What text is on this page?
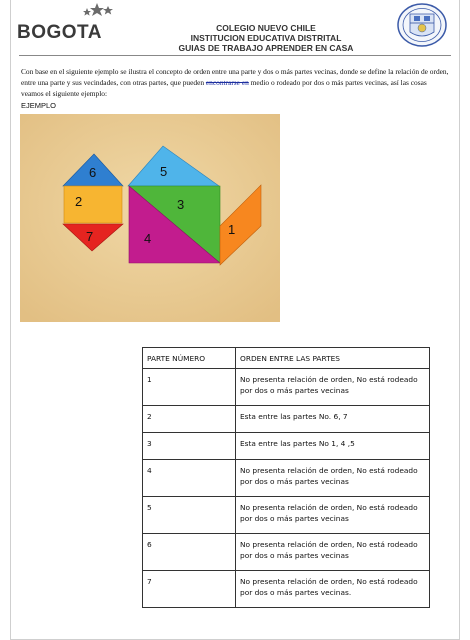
BOGOTA	COLEGIO NUEVO CHILE
INSTITUCION EDUCATIVA DISTRITAL
GUIAS DE TRABAJO APRENDER EN CASA
Con base en el siguiente ejemplo se ilustra el concepto de orden entre una parte y dos o más partes vecinas, donde se define la relación de orden, entre una parte y sus vecindades, con otras partes, que pueden encontrarse en medio o rodeado por dos o más partes vecinas, así las cosas veamos el siguiente ejemplo:
EJEMPLO
6	5
2	3
7	4
1
PARTE NÚMERO	ORDEN ENTRE LAS PARTES
1	No presenta relación de orden, No está rodeado por dos o más partes vecinas
2	Esta entre las partes No. 6, 7
3	Esta entre las partes No 1, 4 ,5
4	No presenta relación de orden, No está rodeado por dos o más partes vecinas
5	No presenta relación de orden, No está rodeado por dos o más partes vecinas
6	No presenta relación de orden, No está rodeado por dos o más partes vecinas
7	No presenta relación de orden, No está rodeado por dos o más partes vecinas.
